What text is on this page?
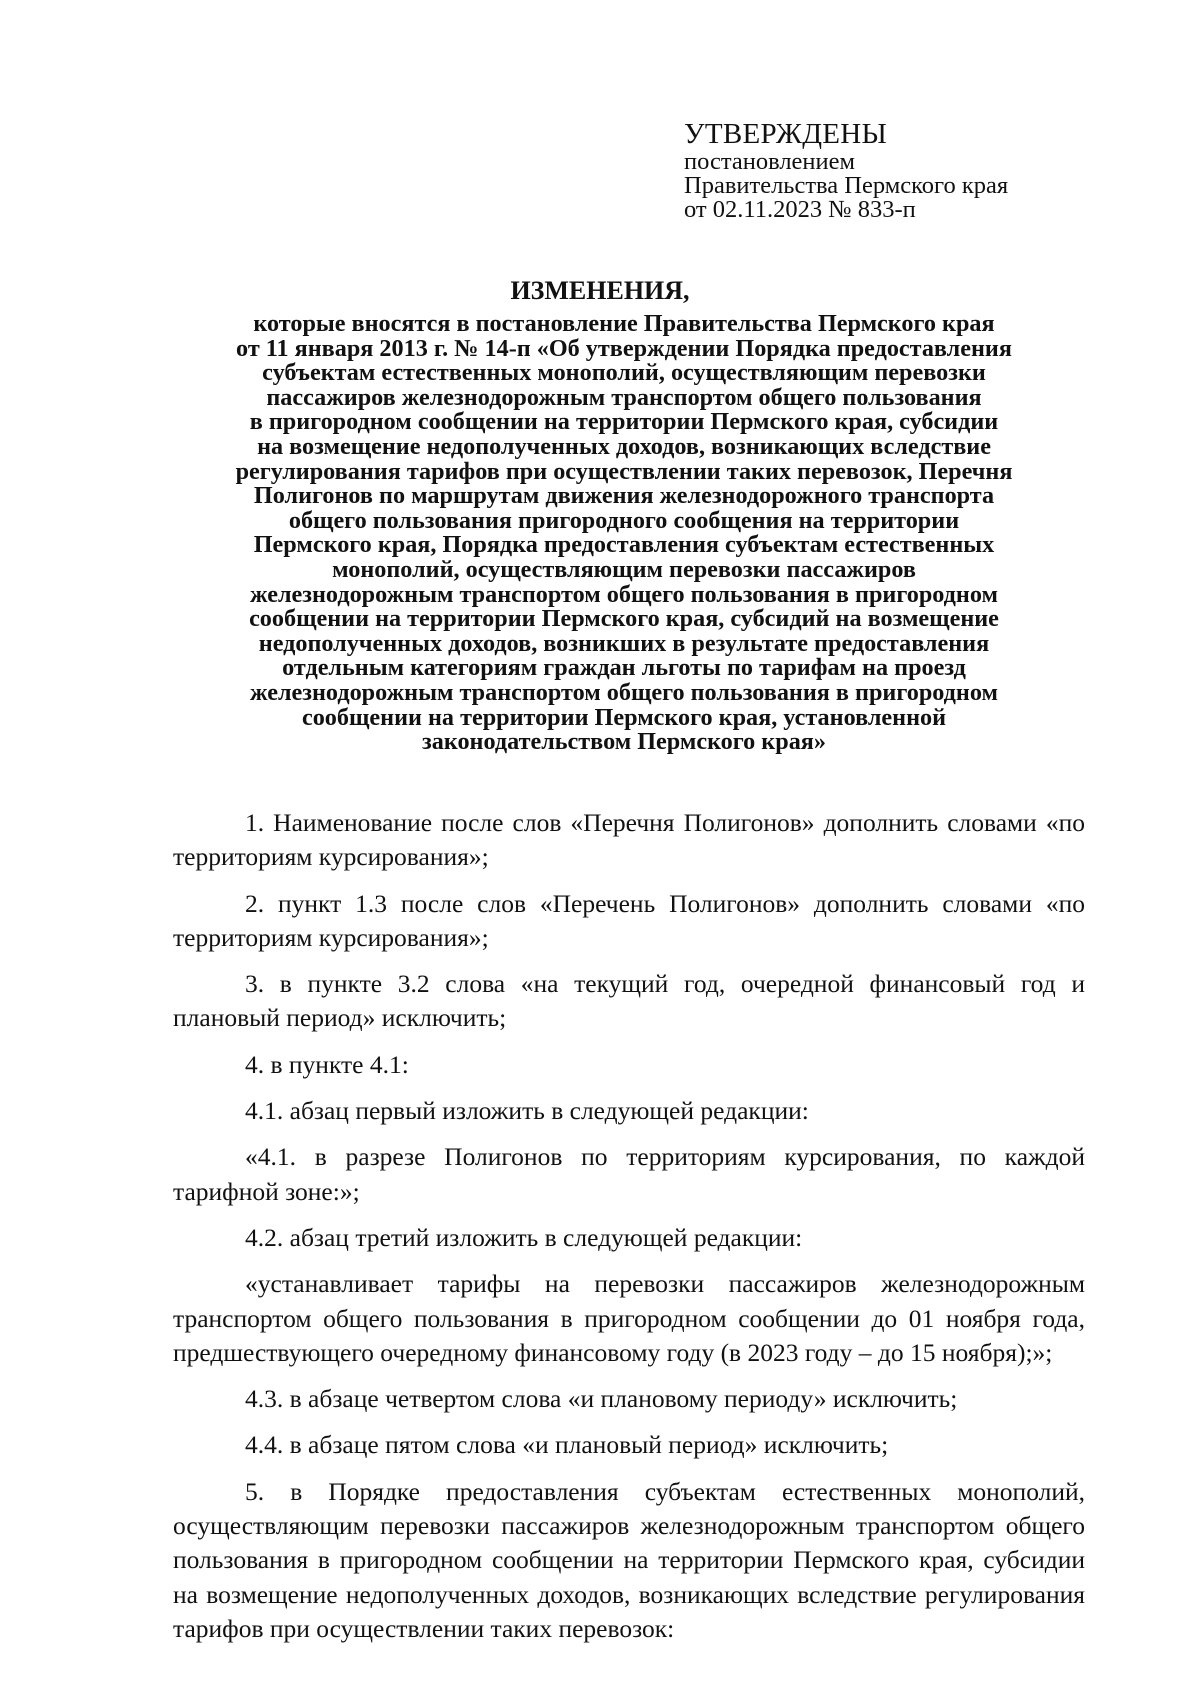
УТВЕРЖДЕНЫ
постановлением
Правительства Пермского края
от 02.11.2023 № 833-п
ИЗМЕНЕНИЯ,
которые вносятся в постановление Правительства Пермского края
от 11 января 2013 г. № 14-п «Об утверждении Порядка предоставления
субъектам естественных монополий, осуществляющим перевозки
пассажиров железнодорожным транспортом общего пользования
в пригородном сообщении на территории Пермского края, субсидии
на возмещение недополученных доходов, возникающих вследствие
регулирования тарифов при осуществлении таких перевозок, Перечня
Полигонов по маршрутам движения железнодорожного транспорта
общего пользования пригородного сообщения на территории
Пермского края, Порядка предоставления субъектам естественных
монополий, осуществляющим перевозки пассажиров
железнодорожным транспортом общего пользования в пригородном
сообщении на территории Пермского края, субсидий на возмещение
недополученных доходов, возникших в результате предоставления
отдельным категориям граждан льготы по тарифам на проезд
железнодорожным транспортом общего пользования в пригородном
сообщении на территории Пермского края, установленной
законодательством Пермского края»

1. Наименование после слов «Перечня Полигонов» дополнить словами «по территориям курсирования»;

2. пункт 1.3 после слов «Перечень Полигонов» дополнить словами «по территориям курсирования»;

3. в пункте 3.2 слова «на текущий год, очередной финансовый год и плановый период» исключить;

4. в пункте 4.1:

4.1. абзац первый изложить в следующей редакции:

«4.1. в разрезе Полигонов по территориям курсирования, по каждой тарифной зоне:»;

4.2. абзац третий изложить в следующей редакции:

«устанавливает тарифы на перевозки пассажиров железнодорожным транспортом общего пользования в пригородном сообщении до 01 ноября года, предшествующего очередному финансовому году (в 2023 году – до 15 ноября);»;

4.3. в абзаце четвертом слова «и плановому периоду» исключить;

4.4. в абзаце пятом слова «и плановый период» исключить;

5. в Порядке предоставления субъектам естественных монополий, осуществляющим перевозки пассажиров железнодорожным транспортом общего пользования в пригородном сообщении на территории Пермского края, субсидии на возмещение недополученных доходов, возникающих вследствие регулирования тарифов при осуществлении таких перевозок:
